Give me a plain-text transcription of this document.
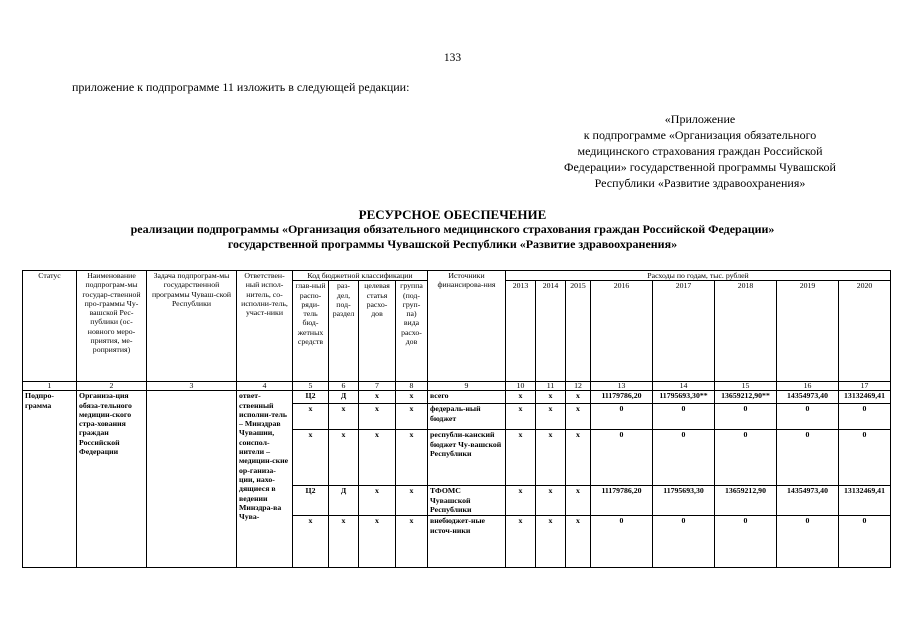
133
приложение к подпрограмме 11 изложить в следующей редакции:
«Приложение
к подпрограмме «Организация обязательного
медицинского страхования граждан Российской
Федерации» государственной программы Чувашской
Республики «Развитие здравоохранения»
РЕСУРСНОЕ ОБЕСПЕЧЕНИЕ
реализации подпрограммы «Организация обязательного медицинского страхования граждан Российской Федерации»
государственной программы Чувашской Республики «Развитие здравоохранения»
Статус	Наименование подпрограм-мы государ-ственной про-граммы Чу-вашской Рес-публики (ос-новного меро-приятия, ме-роприятия)	Задача подпрограм-мы государственной программы Чуваш-ской Республики	Ответствен-ный испол-нитель, со-исполни-тель, участ-ники	Код бюджетной классификации				Источники финансирова-ния	Расходы по годам, тыс. рублей							
				глав-ный распо-ряди-тель бюд-жетных средств	раз-дел, под-раздел	целевая статья расхо-дов	группа (под-груп-па) вида расхо-дов		2013	2014	2015	2016	2017	2018	2019	2020
1	2	3	4	5	6	7	8	9	10	11	12	13	14	15	16	17
Подпро-грамма	Организа-ция обяза-тельного медицин-ского стра-хования граждан Российской Федерации		ответ-ственный исполни-тель – Минздрав Чувашии, соиспол-нители – медицин-ские ор-ганиза-ции, нахо-дящиеся в ведении Минздра-ва Чува-	Ц2	Д	х	х	всего	х	х	х	11179786,20	11795693,30**	13659212,90**	14354973,40	13132469,41
				х	х	х	х	федераль-ный бюджет	х	х	х	0	0	0	0	0
				х	х	х	х	республи-канский бюджет Чу-вашской Республики	х	х	х	0	0	0	0	0
				Ц2	Д	х	х	ТФОМС Чувашской Республики	х	х	х	11179786,20	11795693,30	13659212,90	14354973,40	13132469,41
				х	х	х	х	внебюджет-ные источ-ники	х	х	х	0	0	0	0	0
